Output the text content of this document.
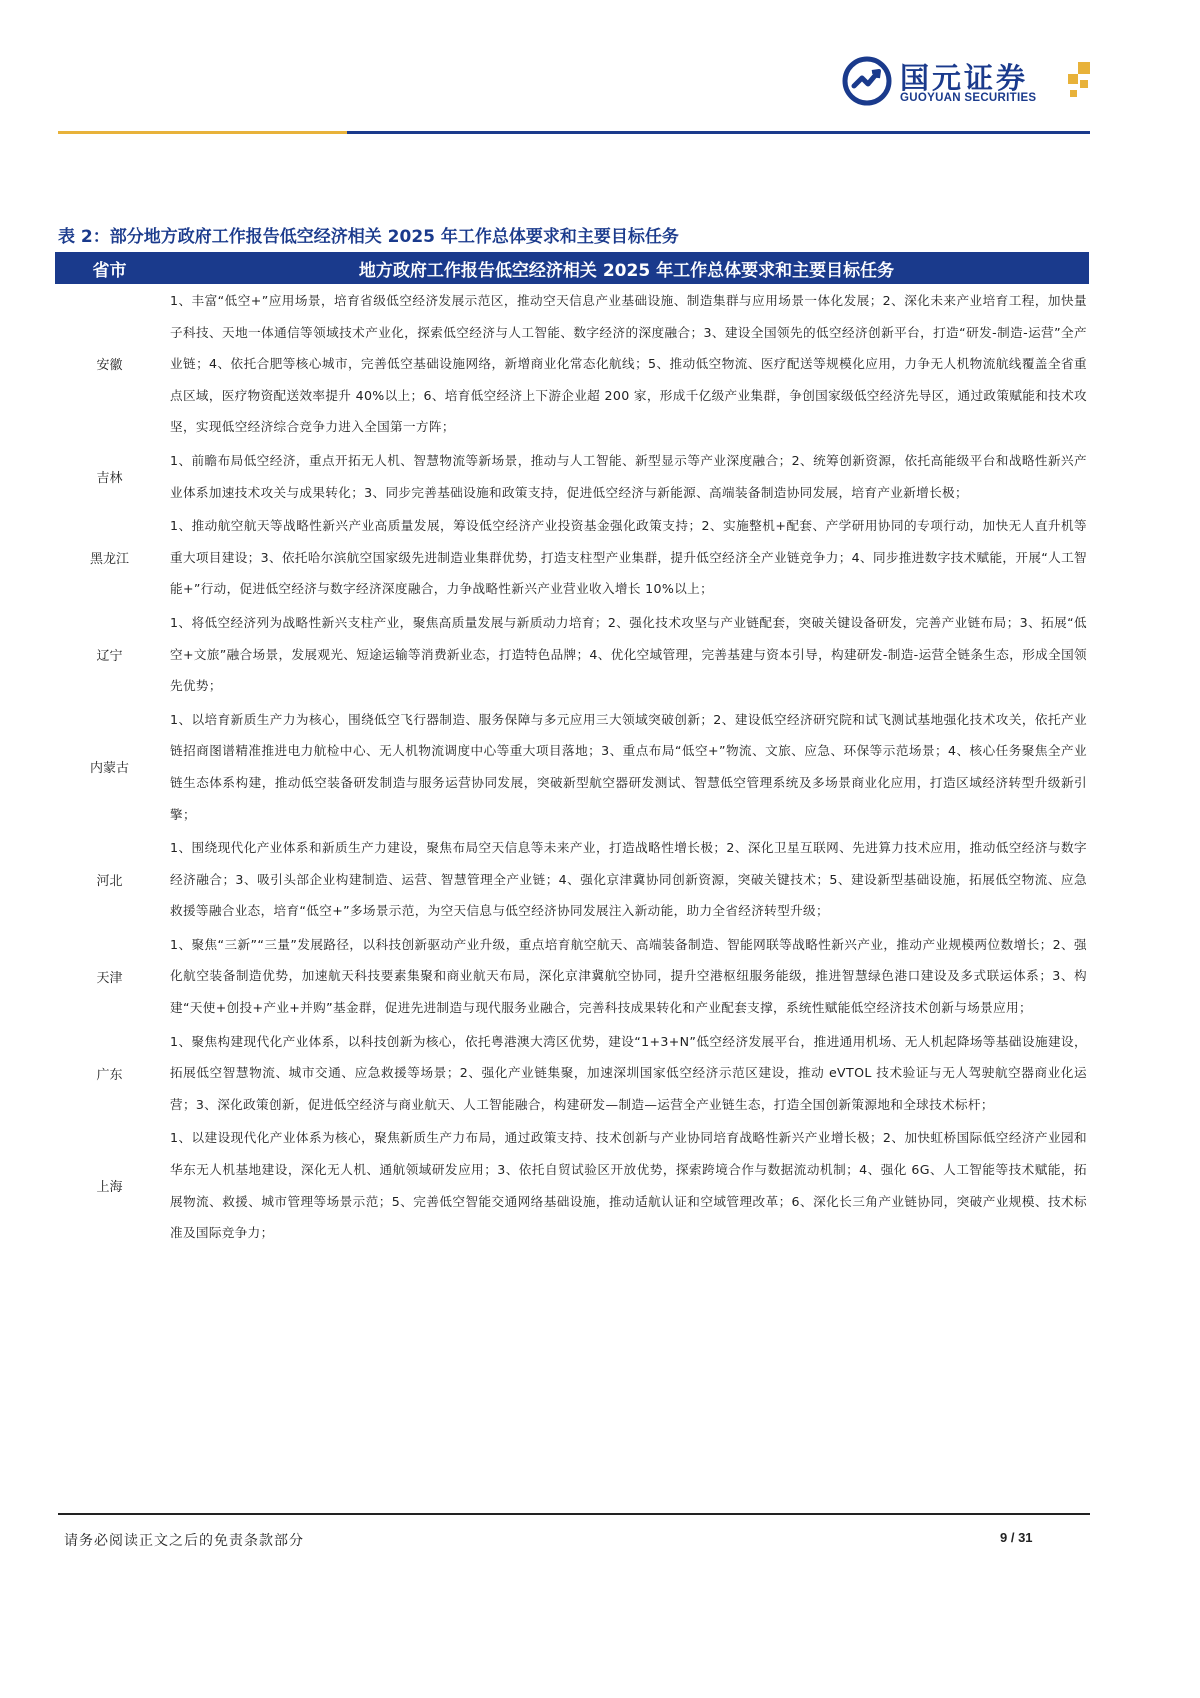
国元证券
GUOYUAN SECURITIES
表 2：部分地方政府工作报告低空经济相关 2025 年工作总体要求和主要目标任务
省市	地方政府工作报告低空经济相关 2025 年工作总体要求和主要目标任务
安徽	1、丰富“低空+”应用场景，培育省级低空经济发展示范区，推动空天信息产业基础设施、制造集群与应用场景一体化发展；2、深化未来产业培育工程，加快量子科技、天地一体通信等领域技术产业化，探索低空经济与人工智能、数字经济的深度融合；3、建设全国领先的低空经济创新平台，打造“研发-制造-运营”全产业链；4、依托合肥等核心城市，完善低空基础设施网络，新增商业化常态化航线；5、推动低空物流、医疗配送等规模化应用，力争无人机物流航线覆盖全省重点区域，医疗物资配送效率提升 40%以上；6、培育低空经济上下游企业超 200 家，形成千亿级产业集群，争创国家级低空经济先导区，通过政策赋能和技术攻坚，实现低空经济综合竞争力进入全国第一方阵；
吉林	1、前瞻布局低空经济，重点开拓无人机、智慧物流等新场景，推动与人工智能、新型显示等产业深度融合；2、统筹创新资源，依托高能级平台和战略性新兴产业体系加速技术攻关与成果转化；3、同步完善基础设施和政策支持，促进低空经济与新能源、高端装备制造协同发展，培育产业新增长极；
黑龙江	1、推动航空航天等战略性新兴产业高质量发展，筹设低空经济产业投资基金强化政策支持；2、实施整机+配套、产学研用协同的专项行动，加快无人直升机等重大项目建设；3、依托哈尔滨航空国家级先进制造业集群优势，打造支柱型产业集群，提升低空经济全产业链竞争力；4、同步推进数字技术赋能，开展“人工智能+”行动，促进低空经济与数字经济深度融合，力争战略性新兴产业营业收入增长 10%以上；
辽宁	1、将低空经济列为战略性新兴支柱产业，聚焦高质量发展与新质动力培育；2、强化技术攻坚与产业链配套，突破关键设备研发，完善产业链布局；3、拓展“低空+文旅”融合场景，发展观光、短途运输等消费新业态，打造特色品牌；4、优化空域管理，完善基建与资本引导，构建研发-制造-运营全链条生态，形成全国领先优势；
内蒙古	1、以培育新质生产力为核心，围绕低空飞行器制造、服务保障与多元应用三大领域突破创新；2、建设低空经济研究院和试飞测试基地强化技术攻关，依托产业链招商图谱精准推进电力航检中心、无人机物流调度中心等重大项目落地；3、重点布局“低空+”物流、文旅、应急、环保等示范场景；4、核心任务聚焦全产业链生态体系构建，推动低空装备研发制造与服务运营协同发展，突破新型航空器研发测试、智慧低空管理系统及多场景商业化应用，打造区域经济转型升级新引擎；
河北	1、围绕现代化产业体系和新质生产力建设，聚焦布局空天信息等未来产业，打造战略性增长极；2、深化卫星互联网、先进算力技术应用，推动低空经济与数字经济融合；3、吸引头部企业构建制造、运营、智慧管理全产业链；4、强化京津冀协同创新资源，突破关键技术；5、建设新型基础设施，拓展低空物流、应急救援等融合业态，培育“低空+”多场景示范，为空天信息与低空经济协同发展注入新动能，助力全省经济转型升级；
天津	1、聚焦“三新”“三量”发展路径，以科技创新驱动产业升级，重点培育航空航天、高端装备制造、智能网联等战略性新兴产业，推动产业规模两位数增长；2、强化航空装备制造优势，加速航天科技要素集聚和商业航天布局，深化京津冀航空协同，提升空港枢纽服务能级，推进智慧绿色港口建设及多式联运体系；3、构建“天使+创投+产业+并购”基金群，促进先进制造与现代服务业融合，完善科技成果转化和产业配套支撑，系统性赋能低空经济技术创新与场景应用；
广东	1、聚焦构建现代化产业体系，以科技创新为核心，依托粤港澳大湾区优势，建设“1+3+N”低空经济发展平台，推进通用机场、无人机起降场等基础设施建设，拓展低空智慧物流、城市交通、应急救援等场景；2、强化产业链集聚，加速深圳国家低空经济示范区建设，推动 eVTOL 技术验证与无人驾驶航空器商业化运营；3、深化政策创新，促进低空经济与商业航天、人工智能融合，构建研发—制造—运营全产业链生态，打造全国创新策源地和全球技术标杆；
上海	1、以建设现代化产业体系为核心，聚焦新质生产力布局，通过政策支持、技术创新与产业协同培育战略性新兴产业增长极；2、加快虹桥国际低空经济产业园和华东无人机基地建设，深化无人机、通航领域研发应用；3、依托自贸试验区开放优势，探索跨境合作与数据流动机制；4、强化 6G、人工智能等技术赋能，拓展物流、救援、城市管理等场景示范；5、完善低空智能交通网络基础设施，推动适航认证和空域管理改革；6、深化长三角产业链协同，突破产业规模、技术标准及国际竞争力；
请务必阅读正文之后的免责条款部分	9 / 31
